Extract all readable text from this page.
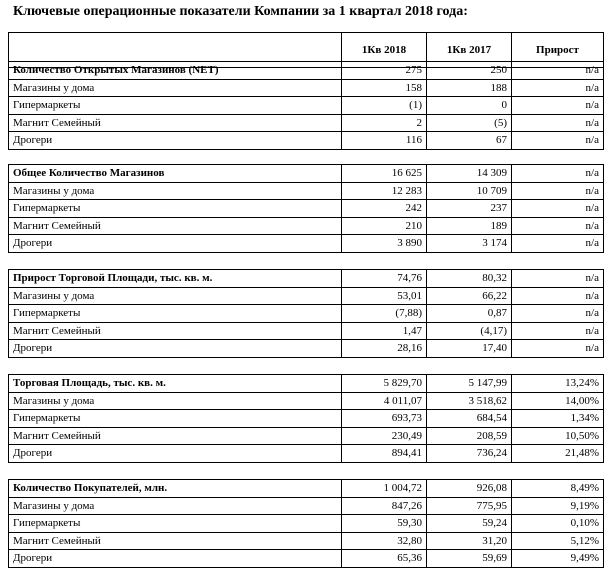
Ключевые операционные показатели Компании за 1 квартал 2018 года:
	1Кв 2018	1Кв 2017	Прирост
Количество Открытых Магазинов (NET)	275	250	n/a
Магазины у дома	158	188	n/a
Гипермаркеты	(1)	0	n/a
Магнит Семейный	2	(5)	n/a
Дрогери	116	67	n/a
Общее Количество Магазинов	16 625	14 309	n/a
Магазины у дома	12 283	10 709	n/a
Гипермаркеты	242	237	n/a
Магнит Семейный	210	189	n/a
Дрогери	3 890	3 174	n/a
Прирост Торговой Площади, тыс. кв. м.	74,76	80,32	n/a
Магазины у дома	53,01	66,22	n/a
Гипермаркеты	(7,88)	0,87	n/a
Магнит Семейный	1,47	(4,17)	n/a
Дрогери	28,16	17,40	n/a
Торговая Площадь, тыс. кв. м.	5 829,70	5 147,99	13,24%
Магазины у дома	4 011,07	3 518,62	14,00%
Гипермаркеты	693,73	684,54	1,34%
Магнит Семейный	230,49	208,59	10,50%
Дрогери	894,41	736,24	21,48%
Количество Покупателей, млн.	1 004,72	926,08	8,49%
Магазины у дома	847,26	775,95	9,19%
Гипермаркеты	59,30	59,24	0,10%
Магнит Семейный	32,80	31,20	5,12%
Дрогери	65,36	59,69	9,49%
